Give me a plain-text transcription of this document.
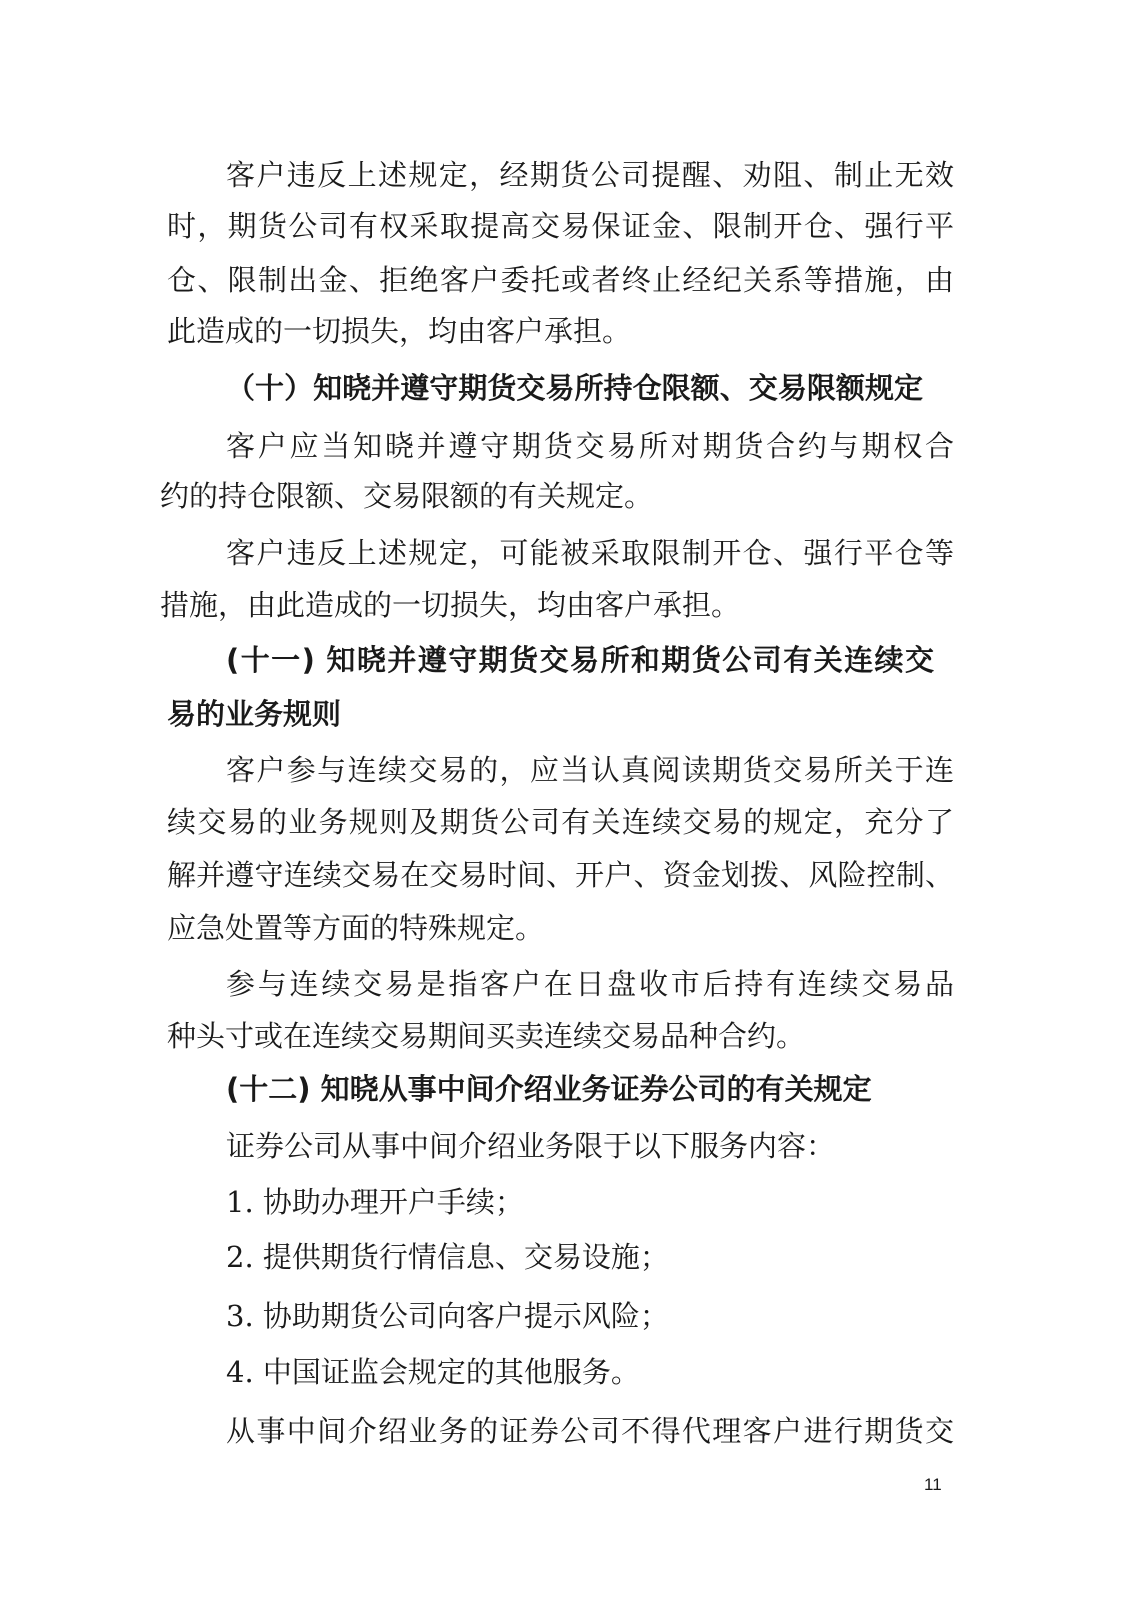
客户违反上述规定，经期货公司提醒、劝阻、制止无效
时，期货公司有权采取提高交易保证金、限制开仓、强行平
仓、限制出金、拒绝客户委托或者终止经纪关系等措施，由
此造成的一切损失，均由客户承担。
（十）知晓并遵守期货交易所持仓限额、交易限额规定
客户应当知晓并遵守期货交易所对期货合约与期权合
约的持仓限额、交易限额的有关规定。
客户违反上述规定，可能被采取限制开仓、强行平仓等
措施，由此造成的一切损失，均由客户承担。
(十一) 知晓并遵守期货交易所和期货公司有关连续交
易的业务规则
客户参与连续交易的，应当认真阅读期货交易所关于连
续交易的业务规则及期货公司有关连续交易的规定，充分了
解并遵守连续交易在交易时间、开户、资金划拨、风险控制、
应急处置等方面的特殊规定。
参与连续交易是指客户在日盘收市后持有连续交易品
种头寸或在连续交易期间买卖连续交易品种合约。
(十二) 知晓从事中间介绍业务证券公司的有关规定
证券公司从事中间介绍业务限于以下服务内容：
1. 协助办理开户手续；
2. 提供期货行情信息、交易设施；
3. 协助期货公司向客户提示风险；
4. 中国证监会规定的其他服务。
从事中间介绍业务的证券公司不得代理客户进行期货交
11
